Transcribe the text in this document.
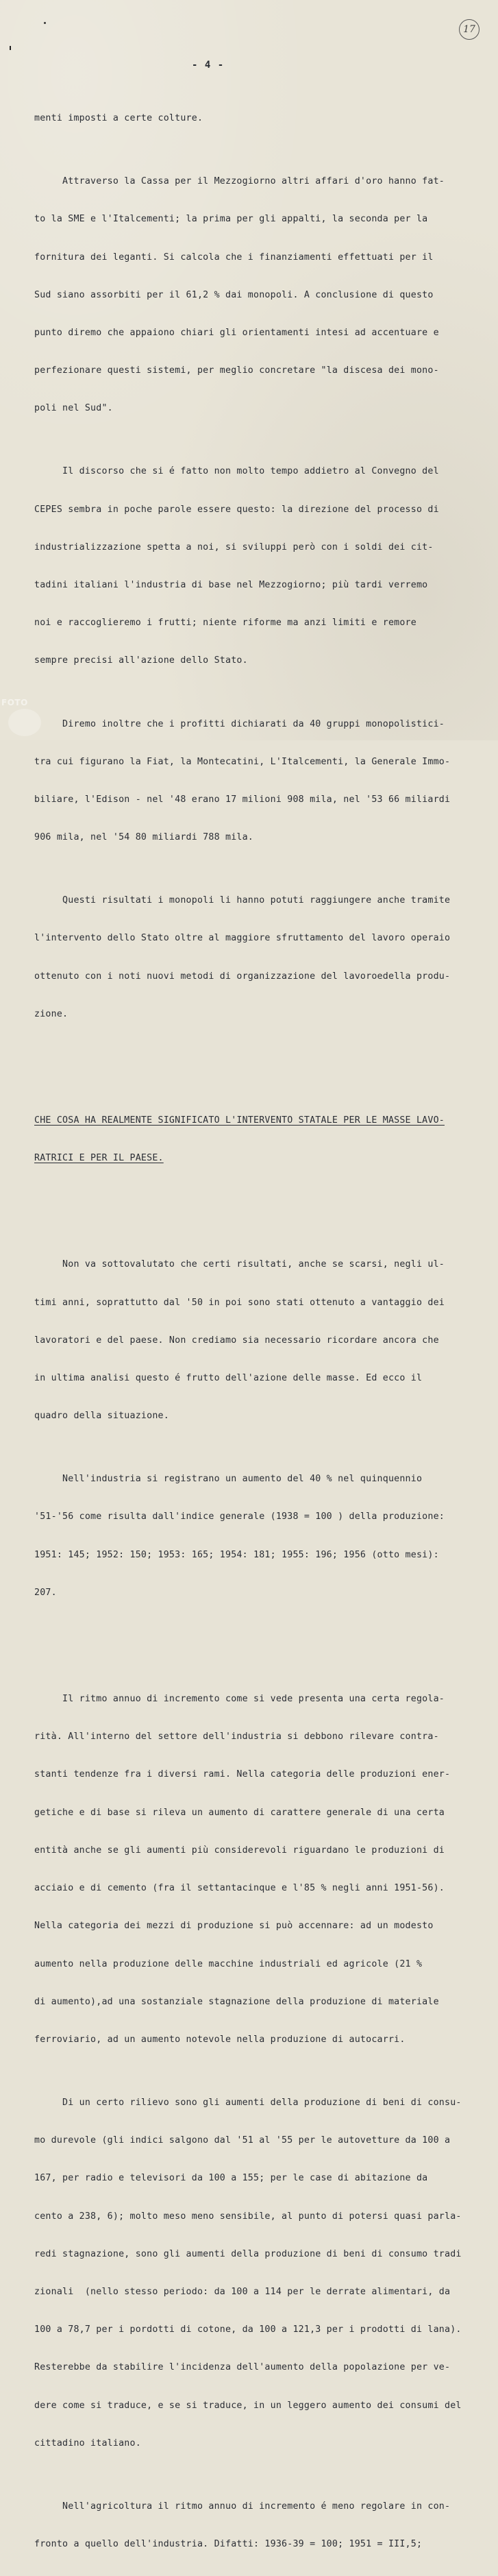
17
- 4 -

menti imposti a certe colture.

Attraverso la Cassa per il Mezzogiorno altri affari d'oro hanno fat-

to la SME e l'Italcementi; la prima per gli appalti, la seconda per la

fornitura dei leganti. Si calcola che i finanziamenti effettuati per il

Sud siano assorbiti per il 61,2 % dai monopoli. A conclusione di questo

punto diremo che appaiono chiari gli orientamenti intesi ad accentuare e

perfezionare questi sistemi, per meglio concretare "la discesa dei mono-

poli nel Sud".

Il discorso che si é fatto non molto tempo addietro al Convegno del

CEPES sembra in poche parole essere questo: la direzione del processo di

industrializzazione spetta a noi, si sviluppi però con i soldi dei cit-

tadini italiani l'industria di base nel Mezzogiorno; più tardi verremo

noi e raccoglieremo i frutti; niente riforme ma anzi limiti e remore

sempre precisi all'azione dello Stato.

Diremo inoltre che i profitti dichiarati da 40 gruppi monopolistici-

tra cui figurano la Fiat, la Montecatini, L'Italcementi, la Generale Immo-

biliare, l'Edison - nel '48 erano 17 milioni 908 mila, nel '53 66 miliardi

906 mila, nel '54 80 miliardi 788 mila.

Questi risultati i monopoli li hanno potuti raggiungere anche tramite

l'intervento dello Stato oltre al maggiore sfruttamento del lavoro operaio

ottenuto con i noti nuovi metodi di organizzazione del lavoroedella produ-

zione.

CHE COSA HA REALMENTE SIGNIFICATO L'INTERVENTO STATALE PER LE MASSE LAVO-

RATRICI E PER IL PAESE.

Non va sottovalutato che certi risultati, anche se scarsi, negli ul-

timi anni, soprattutto dal '50 in poi sono stati ottenuto a vantaggio dei

lavoratori e del paese. Non crediamo sia necessario ricordare ancora che

in ultima analisi questo é frutto dell'azione delle masse. Ed ecco il

quadro della situazione.

Nell'industria si registrano un aumento del 40 % nel quinquennio

'51-'56 come risulta dall'indice generale (1938 = 100 ) della produzione:

1951: 145; 1952: 150; 1953: 165; 1954: 181; 1955: 196; 1956 (otto mesi):

207.

Il ritmo annuo di incremento come si vede presenta una certa regola-

rità. All'interno del settore dell'industria si debbono rilevare contra-

stanti tendenze fra i diversi rami. Nella categoria delle produzioni ener-

getiche e di base si rileva un aumento di carattere generale di una certa

entità anche se gli aumenti più considerevoli riguardano le produzioni di

acciaio e di cemento (fra il settantacinque e l'85 % negli anni 1951-56).

Nella categoria dei mezzi di produzione si può accennare: ad un modesto

aumento nella produzione delle macchine industriali ed agricole (21 %

di aumento),ad una sostanziale stagnazione della produzione di materiale

ferroviario, ad un aumento notevole nella produzione di autocarri.

Di un certo rilievo sono gli aumenti della produzione di beni di consu-

mo durevole (gli indici salgono dal '51 al '55 per le autovetture da 100 a

167, per radio e televisori da 100 a 155; per le case di abitazione da

cento a 238, 6); molto meso meno sensibile, al punto di potersi quasi parla-

redi stagnazione, sono gli aumenti della produzione di beni di consumo tradi

zionali  (nello stesso periodo: da 100 a 114 per le derrate alimentari, da

100 a 78,7 per i pordotti di cotone, da 100 a 121,3 per i prodotti di lana).

Resterebbe da stabilire l'incidenza dell'aumento della popolazione per ve-

dere come si traduce, e se si traduce, in un leggero aumento dei consumi del

cittadino italiano.

Nell'agricoltura il ritmo annuo di incremento é meno regolare in con-

fronto a quello dell'industria. Difatti: 1936-39 = 100; 1951 = III,5;

FOTO
